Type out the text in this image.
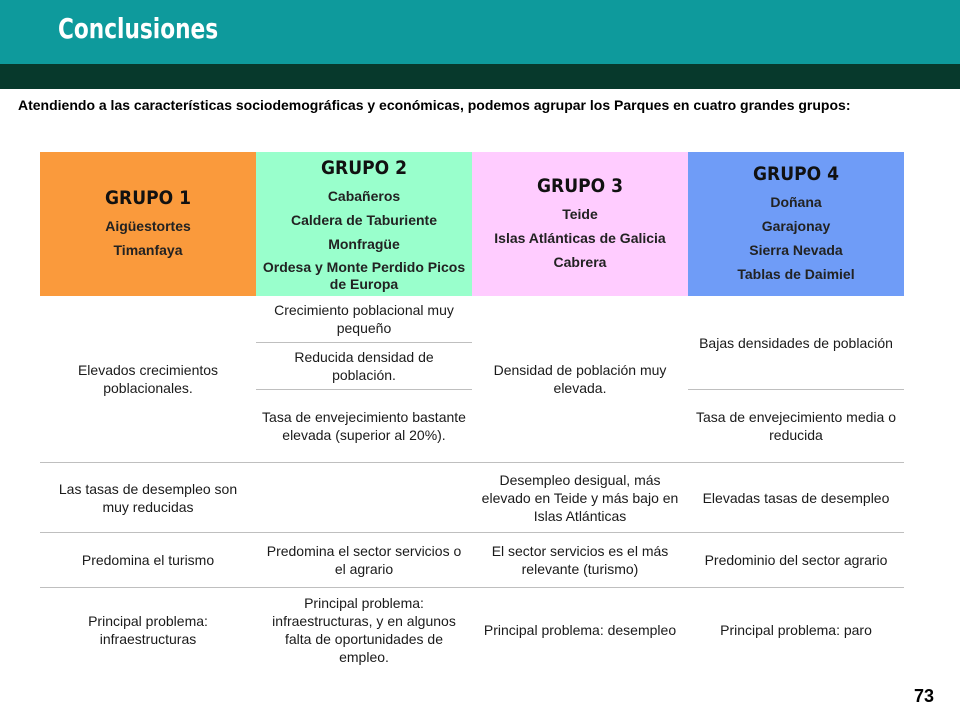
Conclusiones
Atendiendo a las características sociodemográficas y económicas, podemos agrupar los Parques en cuatro grandes grupos:
GRUPO 1
Aigüestortes
Timanfaya	GRUPO 2
Cabañeros
Caldera de Taburiente
Monfragüe
Ordesa y Monte Perdido Picos de Europa	GRUPO 3
Teide
Islas Atlánticas de Galicia
Cabrera	GRUPO 4
Doñana
Garajonay
Sierra Nevada
Tablas de Daimiel

Elevados crecimientos poblacionales.	Crecimiento poblacional muy pequeño	Densidad de población muy elevada.	Bajas densidades de población
	Reducida densidad de población.		
	Tasa de envejecimiento bastante elevada (superior al 20%).		Tasa de envejecimiento media o reducida
Las tasas de desempleo son muy reducidas		Desempleo desigual, más elevado en Teide y más bajo en Islas Atlánticas	Elevadas tasas de desempleo
Predomina el turismo	Predomina el sector servicios o el agrario	El sector servicios es el más relevante (turismo)	Predominio del sector agrario
Principal problema: infraestructuras	Principal problema: infraestructuras, y en algunos falta de oportunidades de empleo.	Principal problema: desempleo	Principal problema: paro
73
